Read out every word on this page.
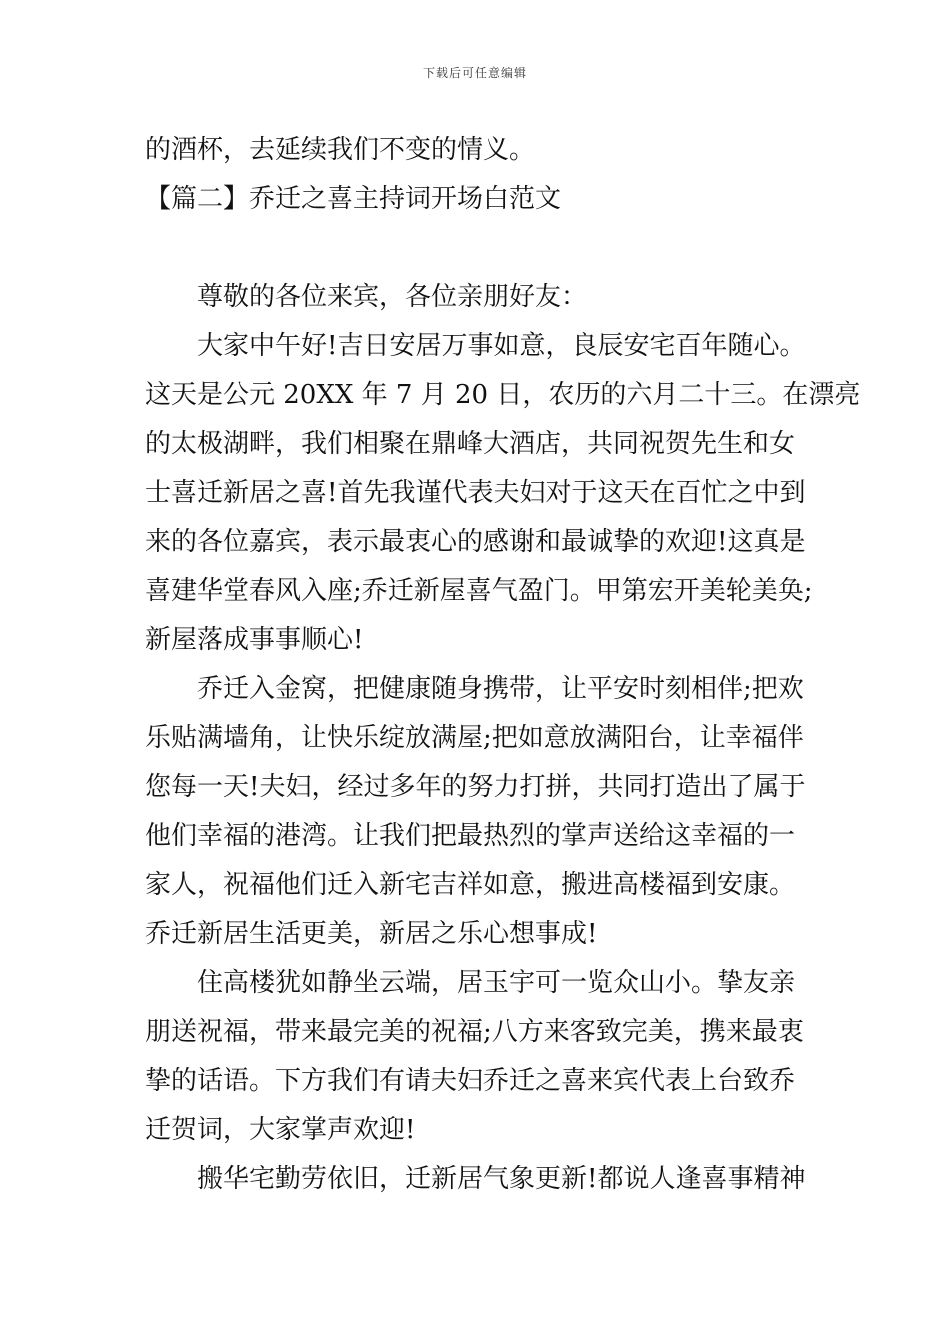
下载后可任意编辑
的酒杯，去延续我们不变的情义。
【篇二】乔迁之喜主持词开场白范文
尊敬的各位来宾，各位亲朋好友：
大家中午好!吉日安居万事如意，良辰安宅百年随心。
这天是公元 20XX 年 7 月 20 日，农历的六月二十三。在漂亮
的太极湖畔，我们相聚在鼎峰大酒店，共同祝贺先生和女
士喜迁新居之喜!首先我谨代表夫妇对于这天在百忙之中到
来的各位嘉宾，表示最衷心的感谢和最诚挚的欢迎!这真是
喜建华堂春风入座;乔迁新屋喜气盈门。甲第宏开美轮美奂;
新屋落成事事顺心!
乔迁入金窝，把健康随身携带，让平安时刻相伴;把欢
乐贴满墙角，让快乐绽放满屋;把如意放满阳台，让幸福伴
您每一天!夫妇，经过多年的努力打拼，共同打造出了属于
他们幸福的港湾。让我们把最热烈的掌声送给这幸福的一
家人，祝福他们迁入新宅吉祥如意，搬进高楼福到安康。
乔迁新居生活更美，新居之乐心想事成!
住高楼犹如静坐云端，居玉宇可一览众山小。挚友亲
朋送祝福，带来最完美的祝福;八方来客致完美，携来最衷
挚的话语。下方我们有请夫妇乔迁之喜来宾代表上台致乔
迁贺词，大家掌声欢迎!
搬华宅勤劳依旧，迁新居气象更新!都说人逢喜事精神
